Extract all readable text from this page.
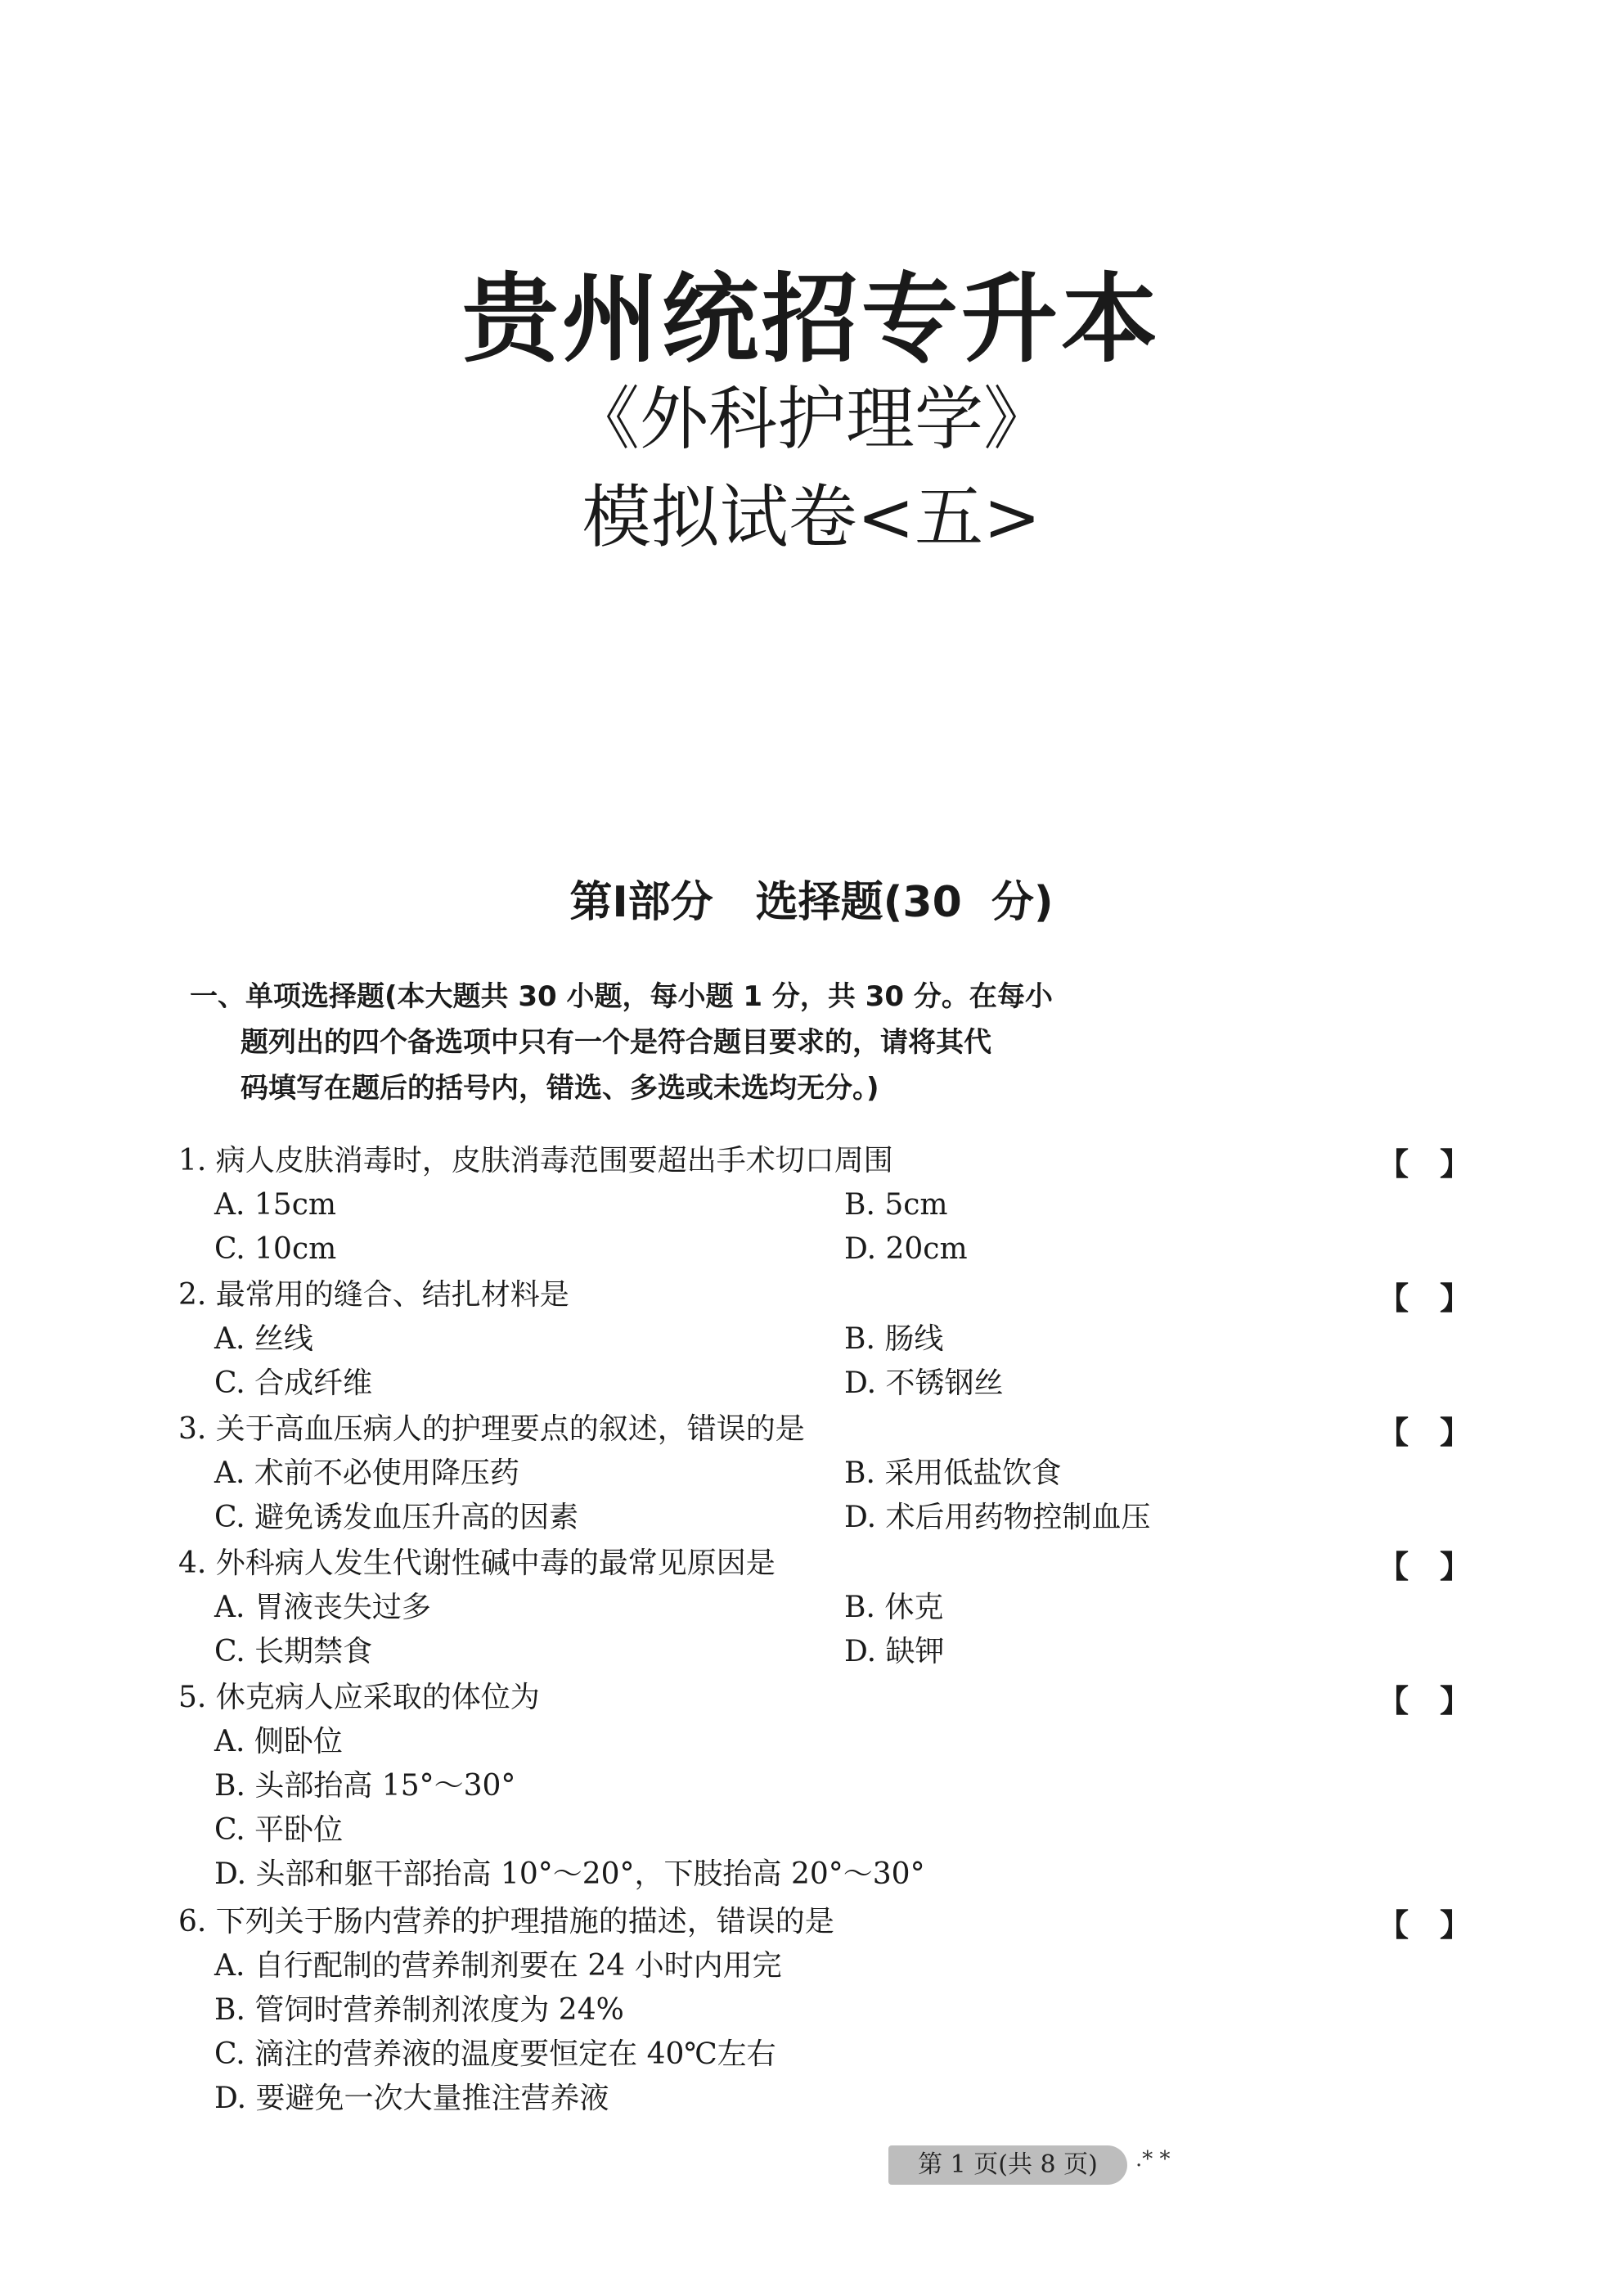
贵州统招专升本
《外科护理学》
模拟试卷<五>
第Ⅰ部分　选择题(30 分)
一、单项选择题(本大题共 30 小题，每小题 1 分，共 30 分。在每小
题列出的四个备选项中只有一个是符合题目要求的，请将其代
码填写在题后的括号内，错选、多选或未选均无分。)
1. 病人皮肤消毒时，皮肤消毒范围要超出手术切口周围	【　】
A. 15cm	B. 5cm
C. 10cm	D. 20cm
2. 最常用的缝合、结扎材料是	【　】
A. 丝线	B. 肠线
C. 合成纤维	D. 不锈钢丝
3. 关于高血压病人的护理要点的叙述，错误的是	【　】
A. 术前不必使用降压药	B. 采用低盐饮食
C. 避免诱发血压升高的因素	D. 术后用药物控制血压
4. 外科病人发生代谢性碱中毒的最常见原因是	【　】
A. 胃液丧失过多	B. 休克
C. 长期禁食	D. 缺钾
5. 休克病人应采取的体位为	【　】
A. 侧卧位
B. 头部抬高 15°～30°
C. 平卧位
D. 头部和躯干部抬高 10°～20°，下肢抬高 20°～30°
6. 下列关于肠内营养的护理措施的描述，错误的是	【　】
A. 自行配制的营养制剂要在 24 小时内用完
B. 管饲时营养制剂浓度为 24%
C. 滴注的营养液的温度要恒定在 40℃左右
D. 要避免一次大量推注营养液
第 1 页(共 8 页)	.* *
